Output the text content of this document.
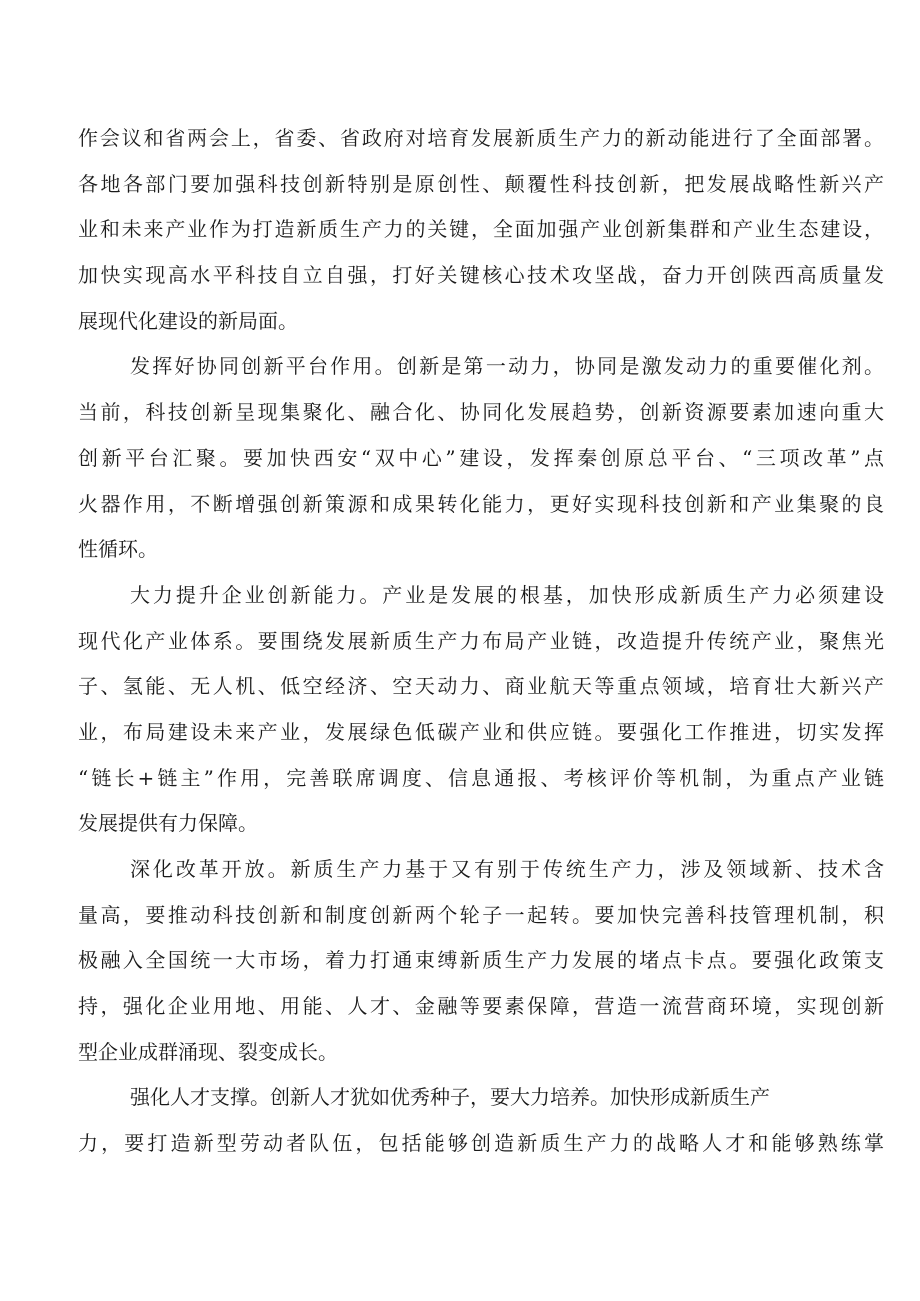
作会议和省两会上，省委、省政府对培育发展新质生产力的新动能进行了全面部署。
各地各部门要加强科技创新特别是原创性、颠覆性科技创新，把发展战略性新兴产
业和未来产业作为打造新质生产力的关键，全面加强产业创新集群和产业生态建设，
加快实现高水平科技自立自强，打好关键核心技术攻坚战，奋力开创陕西高质量发
展现代化建设的新局面。
发挥好协同创新平台作用。创新是第一动力，协同是激发动力的重要催化剂。
当前，科技创新呈现集聚化、融合化、协同化发展趋势，创新资源要素加速向重大
创新平台汇聚。要加快西安“双中心”建设，发挥秦创原总平台、“三项改革”点
火器作用，不断增强创新策源和成果转化能力，更好实现科技创新和产业集聚的良
性循环。
大力提升企业创新能力。产业是发展的根基，加快形成新质生产力必须建设
现代化产业体系。要围绕发展新质生产力布局产业链，改造提升传统产业，聚焦光
子、氢能、无人机、低空经济、空天动力、商业航天等重点领域，培育壮大新兴产
业，布局建设未来产业，发展绿色低碳产业和供应链。要强化工作推进，切实发挥
“链长+链主”作用，完善联席调度、信息通报、考核评价等机制，为重点产业链
发展提供有力保障。
深化改革开放。新质生产力基于又有别于传统生产力，涉及领域新、技术含
量高，要推动科技创新和制度创新两个轮子一起转。要加快完善科技管理机制，积
极融入全国统一大市场，着力打通束缚新质生产力发展的堵点卡点。要强化政策支
持，强化企业用地、用能、人才、金融等要素保障，营造一流营商环境，实现创新
型企业成群涌现、裂变成长。
强化人才支撑。创新人才犹如优秀种子，要大力培养。加快形成新质生产
力，要打造新型劳动者队伍，包括能够创造新质生产力的战略人才和能够熟练掌
